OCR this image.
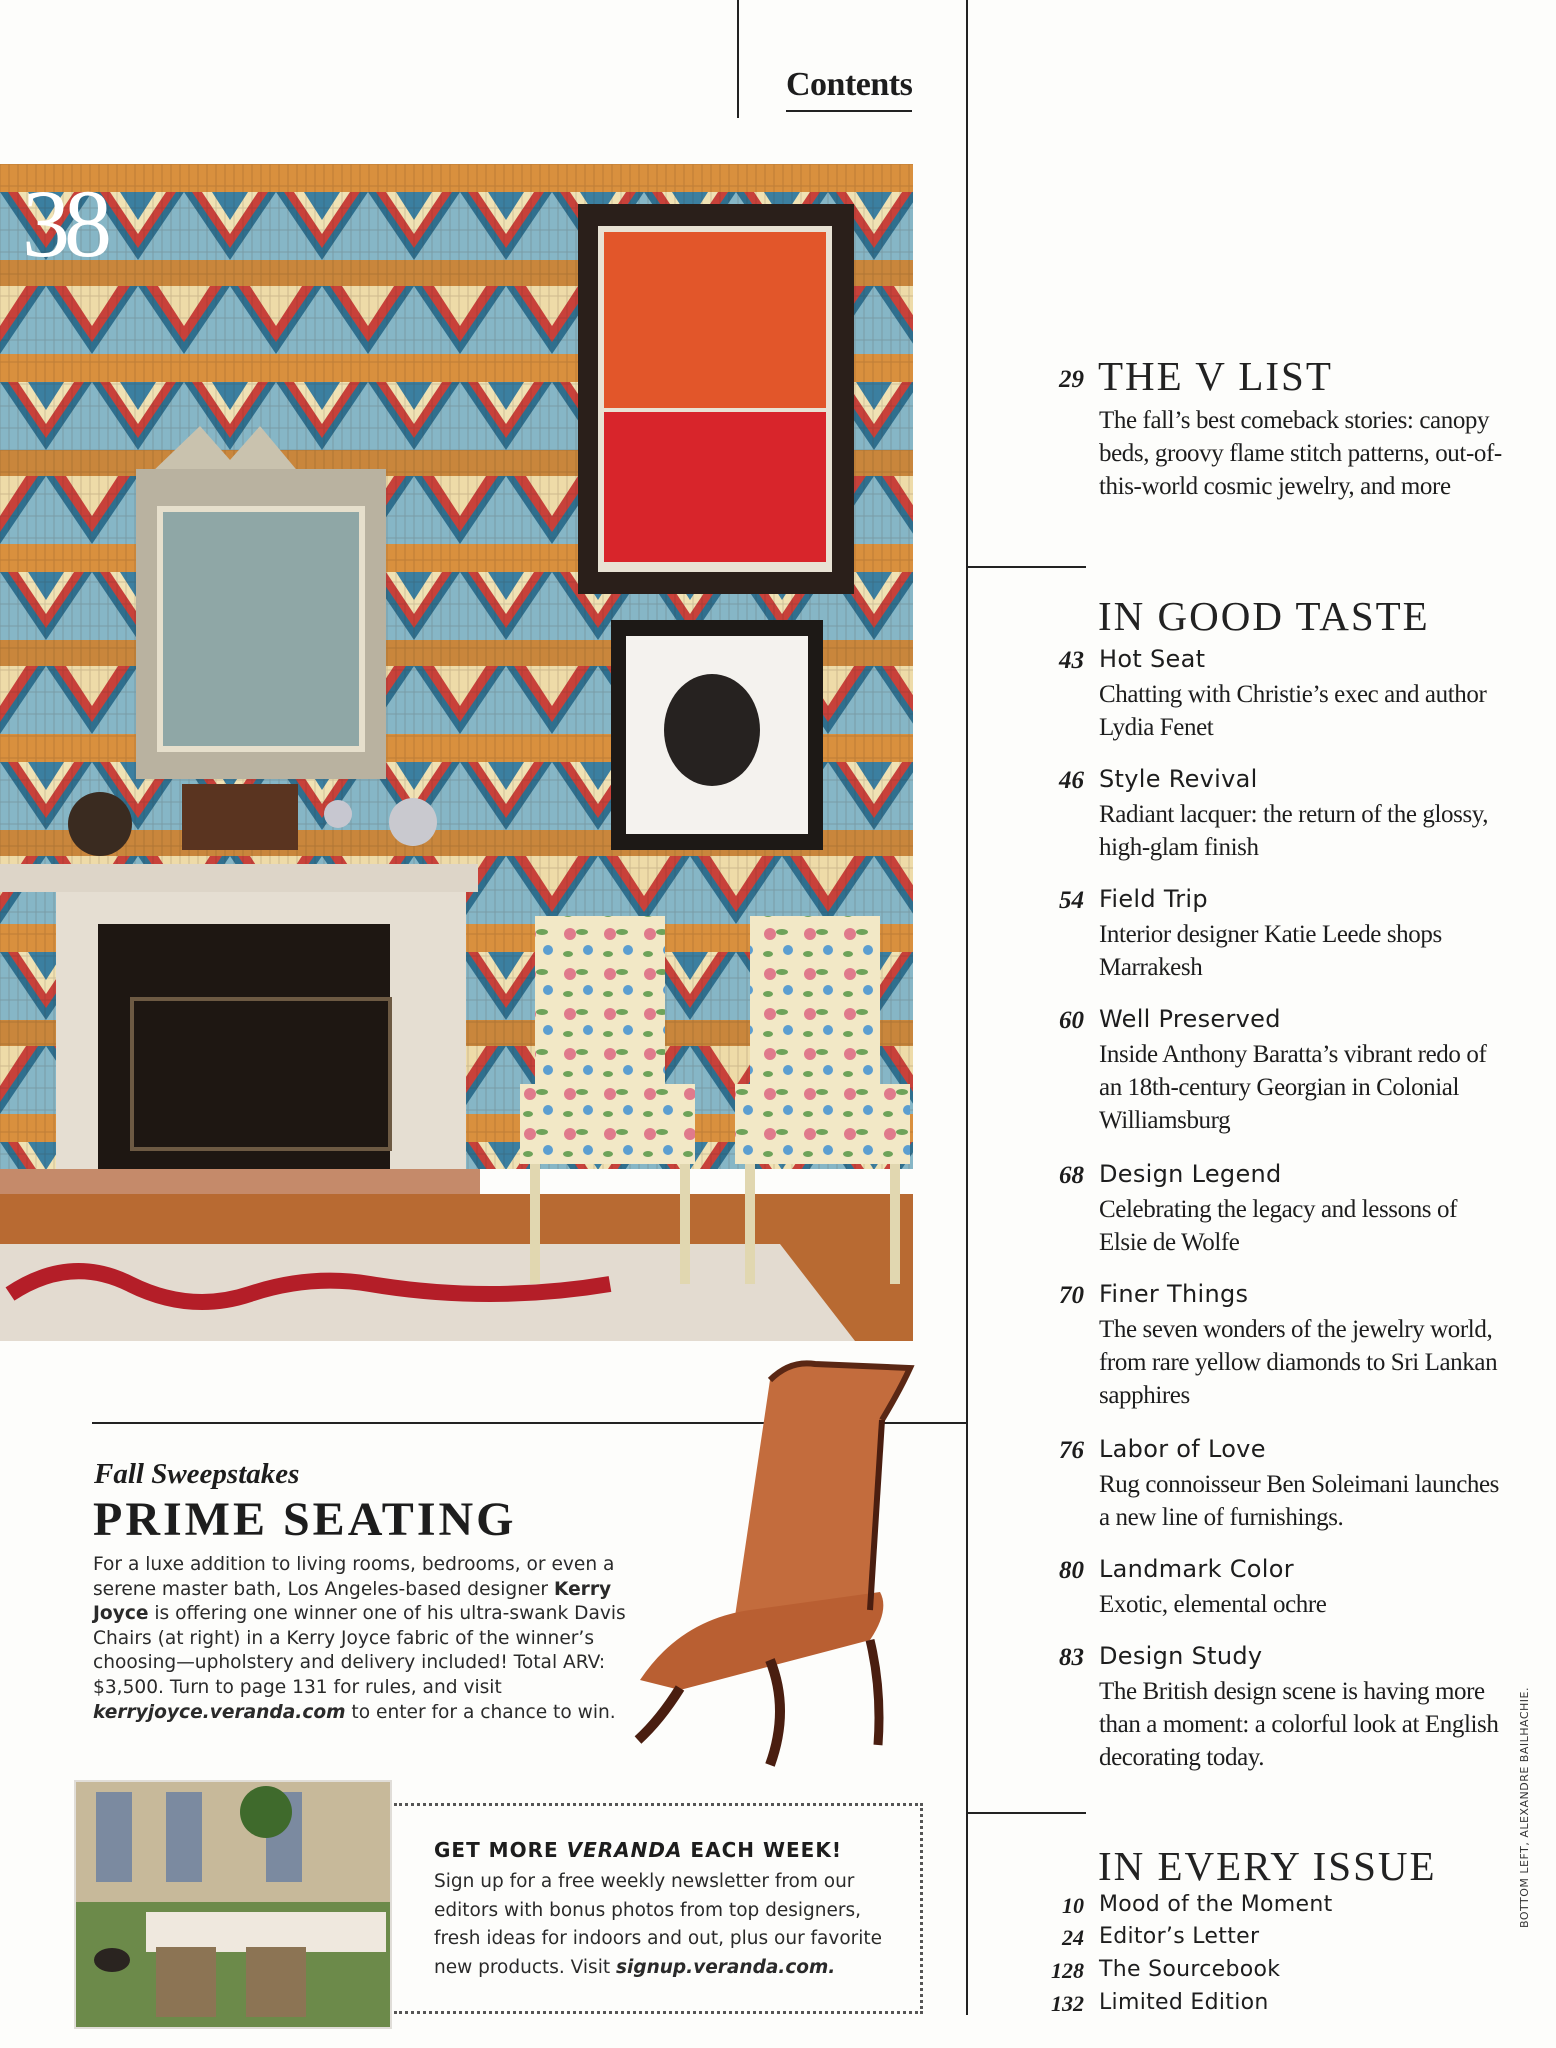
Contents
38
29 THE V LIST
The fall’s best comeback stories: canopy beds, groovy flame stitch patterns, out-of-this-world cosmic jewelry, and more
IN GOOD TASTE
43 Hot Seat
Chatting with Christie’s exec and author Lydia Fenet
46 Style Revival
Radiant lacquer: the return of the glossy, high-glam finish
54 Field Trip
Interior designer Katie Leede shops Marrakesh
60 Well Preserved
Inside Anthony Baratta’s vibrant redo of an 18th-century Georgian in Colonial Williamsburg
68 Design Legend
Celebrating the legacy and lessons of Elsie de Wolfe
70 Finer Things
The seven wonders of the jewelry world, from rare yellow diamonds to Sri Lankan sapphires
76 Labor of Love
Rug connoisseur Ben Soleimani launches a new line of furnishings.
80 Landmark Color
Exotic, elemental ochre
83 Design Study
The British design scene is having more than a moment: a colorful look at English decorating today.
IN EVERY ISSUE
10 Mood of the Moment
24 Editor’s Letter
128 The Sourcebook
132 Limited Edition
Fall Sweepstakes
PRIME SEATING
For a luxe addition to living rooms, bedrooms, or even a serene master bath, Los Angeles-based designer Kerry Joyce is offering one winner one of his ultra-swank Davis Chairs (at right) in a Kerry Joyce fabric of the winner’s choosing—upholstery and delivery included! Total ARV: $3,500. Turn to page 131 for rules, and visit kerryjoyce.veranda.com to enter for a chance to win.
GET MORE VERANDA EACH WEEK!
Sign up for a free weekly newsletter from our editors with bonus photos from top designers, fresh ideas for indoors and out, plus our favorite new products. Visit signup.veranda.com.
BOTTOM LEFT, ALEXANDRE BAILHACHIE.
